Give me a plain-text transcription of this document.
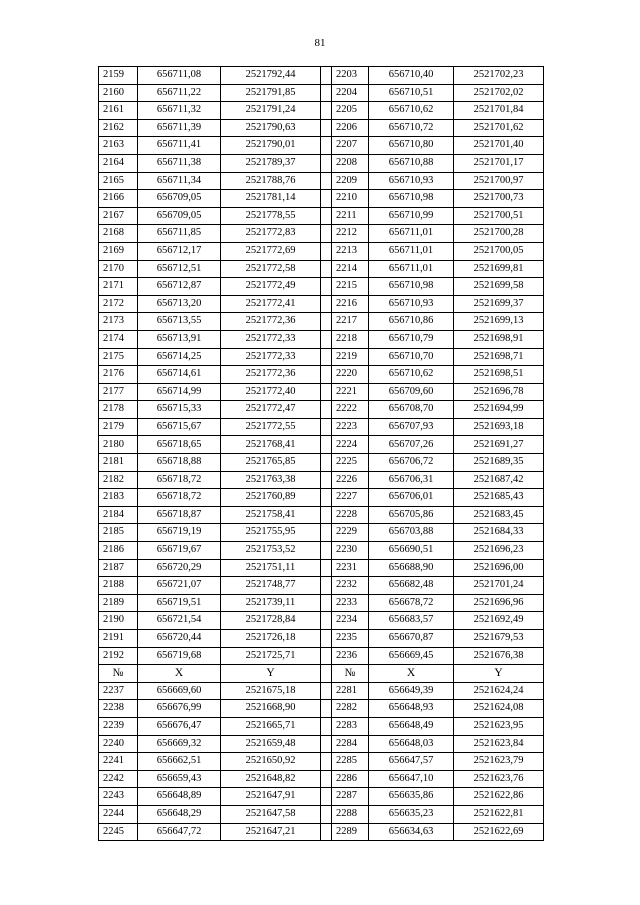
81
2159	656711,08	2521792,44		2203	656710,40	2521702,23
2160	656711,22	2521791,85		2204	656710,51	2521702,02
2161	656711,32	2521791,24		2205	656710,62	2521701,84
2162	656711,39	2521790,63		2206	656710,72	2521701,62
2163	656711,41	2521790,01		2207	656710,80	2521701,40
2164	656711,38	2521789,37		2208	656710,88	2521701,17
2165	656711,34	2521788,76		2209	656710,93	2521700,97
2166	656709,05	2521781,14		2210	656710,98	2521700,73
2167	656709,05	2521778,55		2211	656710,99	2521700,51
2168	656711,85	2521772,83		2212	656711,01	2521700,28
2169	656712,17	2521772,69		2213	656711,01	2521700,05
2170	656712,51	2521772,58		2214	656711,01	2521699,81
2171	656712,87	2521772,49		2215	656710,98	2521699,58
2172	656713,20	2521772,41		2216	656710,93	2521699,37
2173	656713,55	2521772,36		2217	656710,86	2521699,13
2174	656713,91	2521772,33		2218	656710,79	2521698,91
2175	656714,25	2521772,33		2219	656710,70	2521698,71
2176	656714,61	2521772,36		2220	656710,62	2521698,51
2177	656714,99	2521772,40		2221	656709,60	2521696,78
2178	656715,33	2521772,47		2222	656708,70	2521694,99
2179	656715,67	2521772,55		2223	656707,93	2521693,18
2180	656718,65	2521768,41		2224	656707,26	2521691,27
2181	656718,88	2521765,85		2225	656706,72	2521689,35
2182	656718,72	2521763,38		2226	656706,31	2521687,42
2183	656718,72	2521760,89		2227	656706,01	2521685,43
2184	656718,87	2521758,41		2228	656705,86	2521683,45
2185	656719,19	2521755,95		2229	656703,88	2521684,33
2186	656719,67	2521753,52		2230	656690,51	2521696,23
2187	656720,29	2521751,11		2231	656688,90	2521696,00
2188	656721,07	2521748,77		2232	656682,48	2521701,24
2189	656719,51	2521739,11		2233	656678,72	2521696,96
2190	656721,54	2521728,84		2234	656683,57	2521692,49
2191	656720,44	2521726,18		2235	656670,87	2521679,53
2192	656719,68	2521725,71		2236	656669,45	2521676,38
№	X	Y		№	X	Y
2237	656669,60	2521675,18		2281	656649,39	2521624,24
2238	656676,99	2521668,90		2282	656648,93	2521624,08
2239	656676,47	2521665,71		2283	656648,49	2521623,95
2240	656669,32	2521659,48		2284	656648,03	2521623,84
2241	656662,51	2521650,92		2285	656647,57	2521623,79
2242	656659,43	2521648,82		2286	656647,10	2521623,76
2243	656648,89	2521647,91		2287	656635,86	2521622,86
2244	656648,29	2521647,58		2288	656635,23	2521622,81
2245	656647,72	2521647,21		2289	656634,63	2521622,69
